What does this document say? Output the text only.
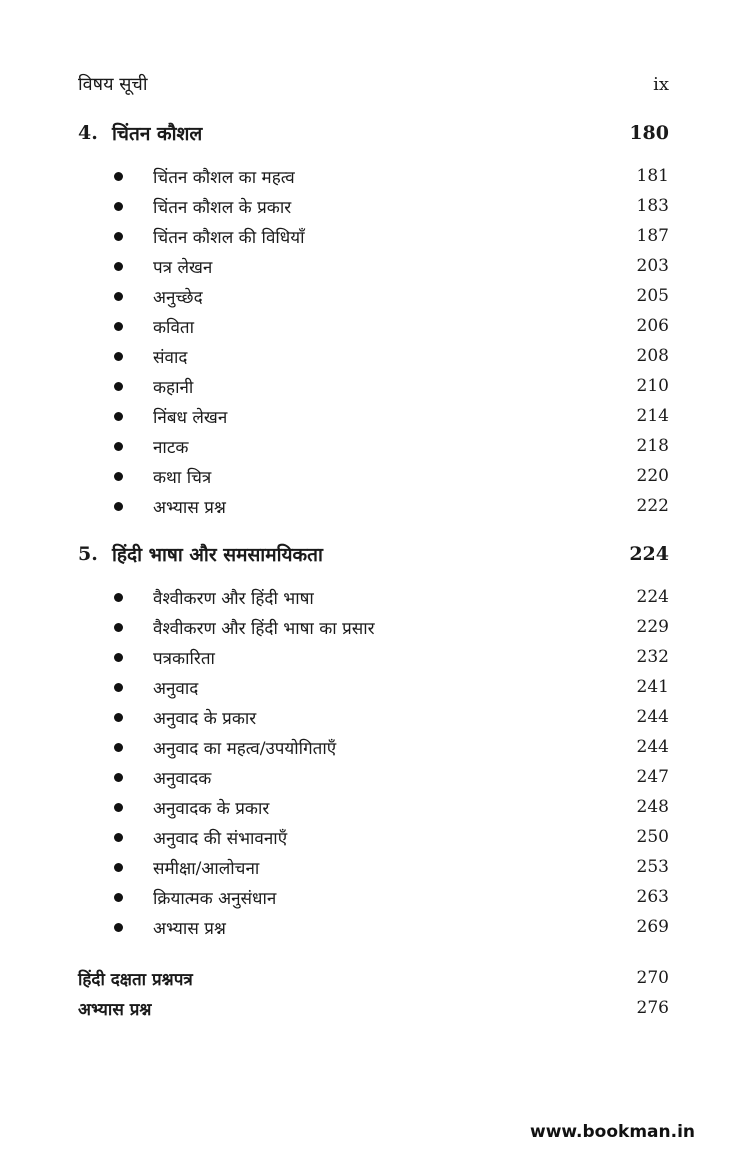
विषय सूची	ix
4. चिंतन कौशल	180
चिंतन कौशल का महत्व	181
चिंतन कौशल के प्रकार	183
चिंतन कौशल की विधियाँ	187
पत्र लेखन	203
अनुच्छेद	205
कविता	206
संवाद	208
कहानी	210
निंबध लेखन	214
नाटक	218
कथा चित्र	220
अभ्यास प्रश्न	222
5. हिंदी भाषा और समसामयिकता	224
वैश्वीकरण और हिंदी भाषा	224
वैश्वीकरण और हिंदी भाषा का प्रसार	229
पत्रकारिता	232
अनुवाद	241
अनुवाद के प्रकार	244
अनुवाद का महत्व/उपयोगिताएँ	244
अनुवादक	247
अनुवादक के प्रकार	248
अनुवाद की संभावनाएँ	250
समीक्षा/आलोचना	253
क्रियात्मक अनुसंधान	263
अभ्यास प्रश्न	269
हिंदी दक्षता प्रश्नपत्र	270
अभ्यास प्रश्न	276
www.bookman.in
